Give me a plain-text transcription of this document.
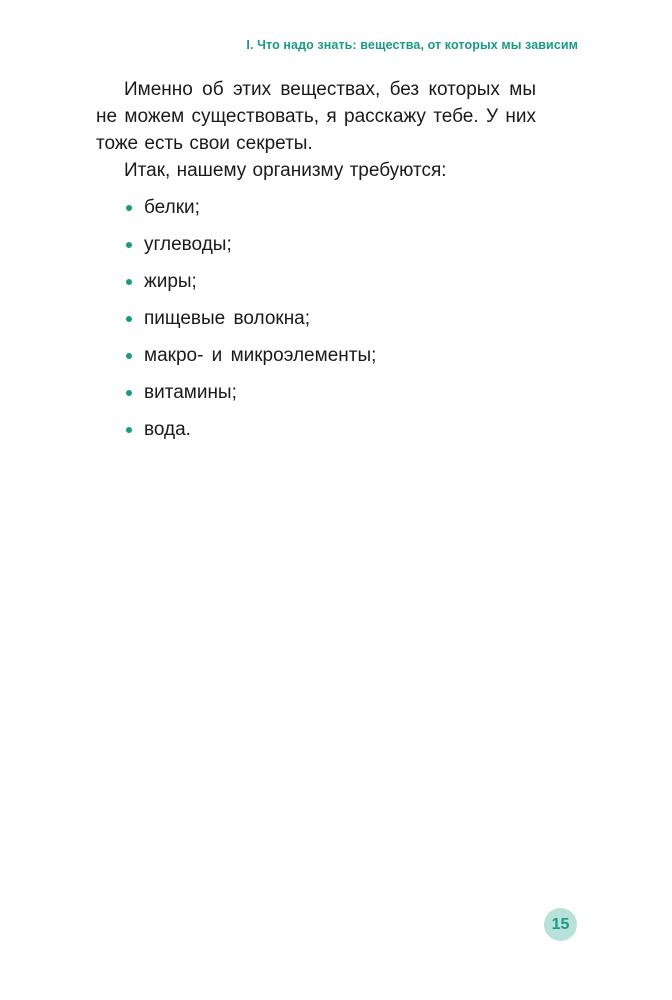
I. Что надо знать: вещества, от которых мы зависим

Именно об этих веществах, без которых мы не можем существовать, я расскажу тебе. У них тоже есть свои секреты.

Итак, нашему организму требуются:

белки;
углеводы;
жиры;
пищевые волокна;
макро- и микроэлементы;
витамины;
вода.
15
